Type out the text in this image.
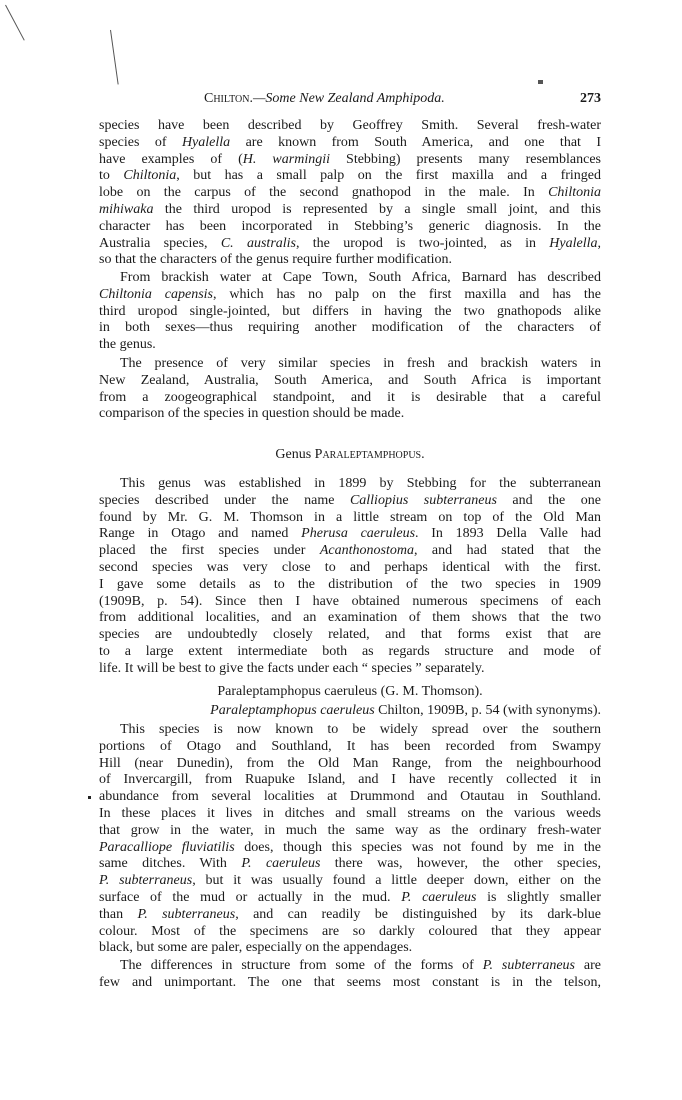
Chilton.—Some New Zealand Amphipoda.	273
species have been described by Geoffrey Smith. Several fresh-water
species of Hyalella are known from South America, and one that I
have examples of (H. warmingii Stebbing) presents many resemblances
to Chiltonia, but has a small palp on the first maxilla and a fringed
lobe on the carpus of the second gnathopod in the male. In Chiltonia
mihiwaka the third uropod is represented by a single small joint, and this
character has been incorporated in Stebbing’s generic diagnosis. In the
Australia species, C. australis, the uropod is two-jointed, as in Hyalella,
so that the characters of the genus require further modification.
From brackish water at Cape Town, South Africa, Barnard has described
Chiltonia capensis, which has no palp on the first maxilla and has the
third uropod single-jointed, but differs in having the two gnathopods alike
in both sexes—thus requiring another modification of the characters of
the genus.
The presence of very similar species in fresh and brackish waters in
New Zealand, Australia, South America, and South Africa is important
from a zoogeographical standpoint, and it is desirable that a careful
comparison of the species in question should be made.
Genus Paraleptamphopus.
This genus was established in 1899 by Stebbing for the subterranean
species described under the name Calliopius subterraneus and the one
found by Mr. G. M. Thomson in a little stream on top of the Old Man
Range in Otago and named Pherusa caeruleus. In 1893 Della Valle had
placed the first species under Acanthonostoma, and had stated that the
second species was very close to and perhaps identical with the first.
I gave some details as to the distribution of the two species in 1909
(1909B, p. 54). Since then I have obtained numerous specimens of each
from additional localities, and an examination of them shows that the two
species are undoubtedly closely related, and that forms exist that are
to a large extent intermediate both as regards structure and mode of
life. It will be best to give the facts under each “ species ” separately.
Paraleptamphopus caeruleus (G. M. Thomson).
Paraleptamphopus caeruleus Chilton, 1909B, p. 54 (with synonyms).
This species is now known to be widely spread over the southern
portions of Otago and Southland, It has been recorded from Swampy
Hill (near Dunedin), from the Old Man Range, from the neighbourhood
of Invercargill, from Ruapuke Island, and I have recently collected it in
abundance from several localities at Drummond and Otautau in Southland.
In these places it lives in ditches and small streams on the various weeds
that grow in the water, in much the same way as the ordinary fresh-water
Paracalliope fluviatilis does, though this species was not found by me in the
same ditches. With P. caeruleus there was, however, the other species,
P. subterraneus, but it was usually found a little deeper down, either on the
surface of the mud or actually in the mud. P. caeruleus is slightly smaller
than P. subterraneus, and can readily be distinguished by its dark-blue
colour. Most of the specimens are so darkly coloured that they appear
black, but some are paler, especially on the appendages.
The differences in structure from some of the forms of P. subterraneus are
few and unimportant. The one that seems most constant is in the telson,
